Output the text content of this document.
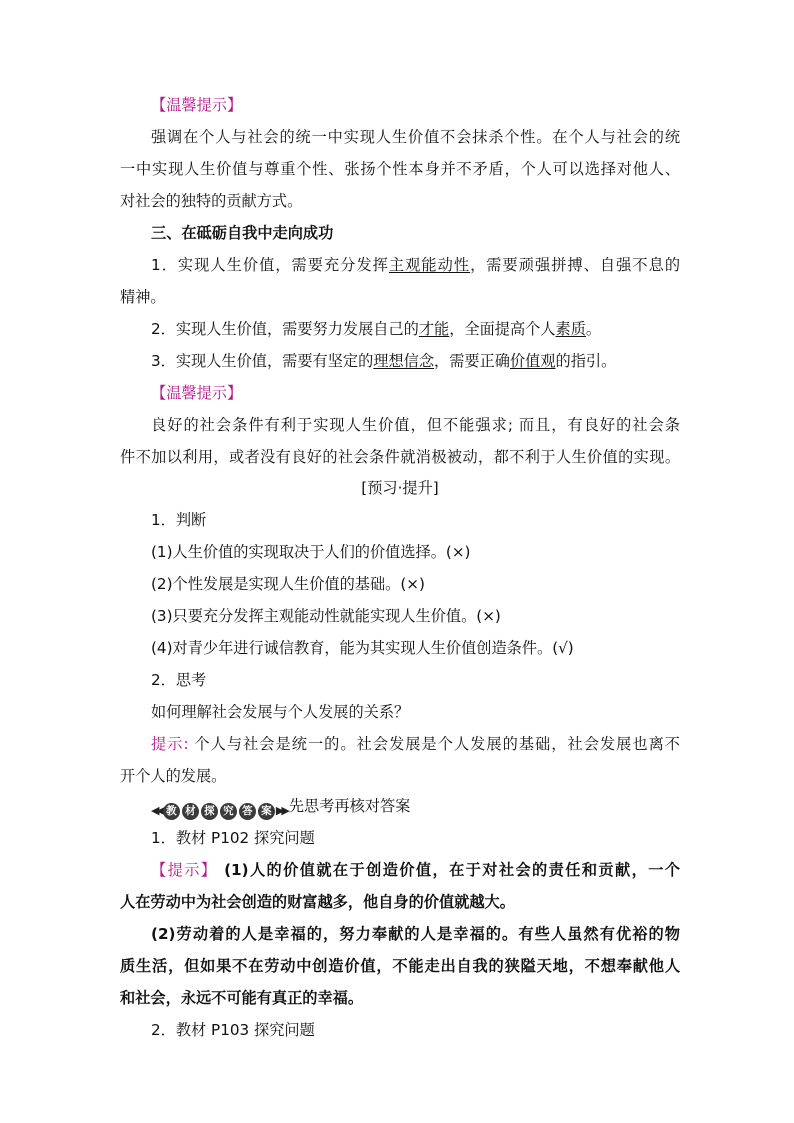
【温馨提示】
强调在个人与社会的统一中实现人生价值不会抹杀个性。在个人与社会的统
一中实现人生价值与尊重个性、张扬个性本身并不矛盾，个人可以选择对他人、
对社会的独特的贡献方式。
三、在砥砺自我中走向成功
1．实现人生价值，需要充分发挥主观能动性，需要顽强拼搏、自强不息的
精神。
2．实现人生价值，需要努力发展自己的才能，全面提高个人素质。
3．实现人生价值，需要有坚定的理想信念，需要正确价值观的指引。
【温馨提示】
良好的社会条件有利于实现人生价值，但不能强求; 而且，有良好的社会条
件不加以利用，或者没有良好的社会条件就消极被动，都不利于人生价值的实现。
[预习·提升]
1．判断
(1)人生价值的实现取决于人们的价值选择。(×)
(2)个性发展是实现人生价值的基础。(×)
(3)只要充分发挥主观能动性就能实现人生价值。(×)
(4)对青少年进行诚信教育，能为其实现人生价值创造条件。(√)
2．思考
如何理解社会发展与个人发展的关系？
提示: 个人与社会是统一的。社会发展是个人发展的基础，社会发展也离不
开个人的发展。
◀◀ 教 材 探 究 答 案 ▶▶ 先思考再核对答案
1．教材 P102 探究问题
【提示】 (1)人的价值就在于创造价值，在于对社会的责任和贡献，一个
人在劳动中为社会创造的财富越多，他自身的价值就越大。
(2)劳动着的人是幸福的，努力奉献的人是幸福的。有些人虽然有优裕的物
质生活，但如果不在劳动中创造价值，不能走出自我的狭隘天地，不想奉献他人
和社会，永远不可能有真正的幸福。
2．教材 P103 探究问题
